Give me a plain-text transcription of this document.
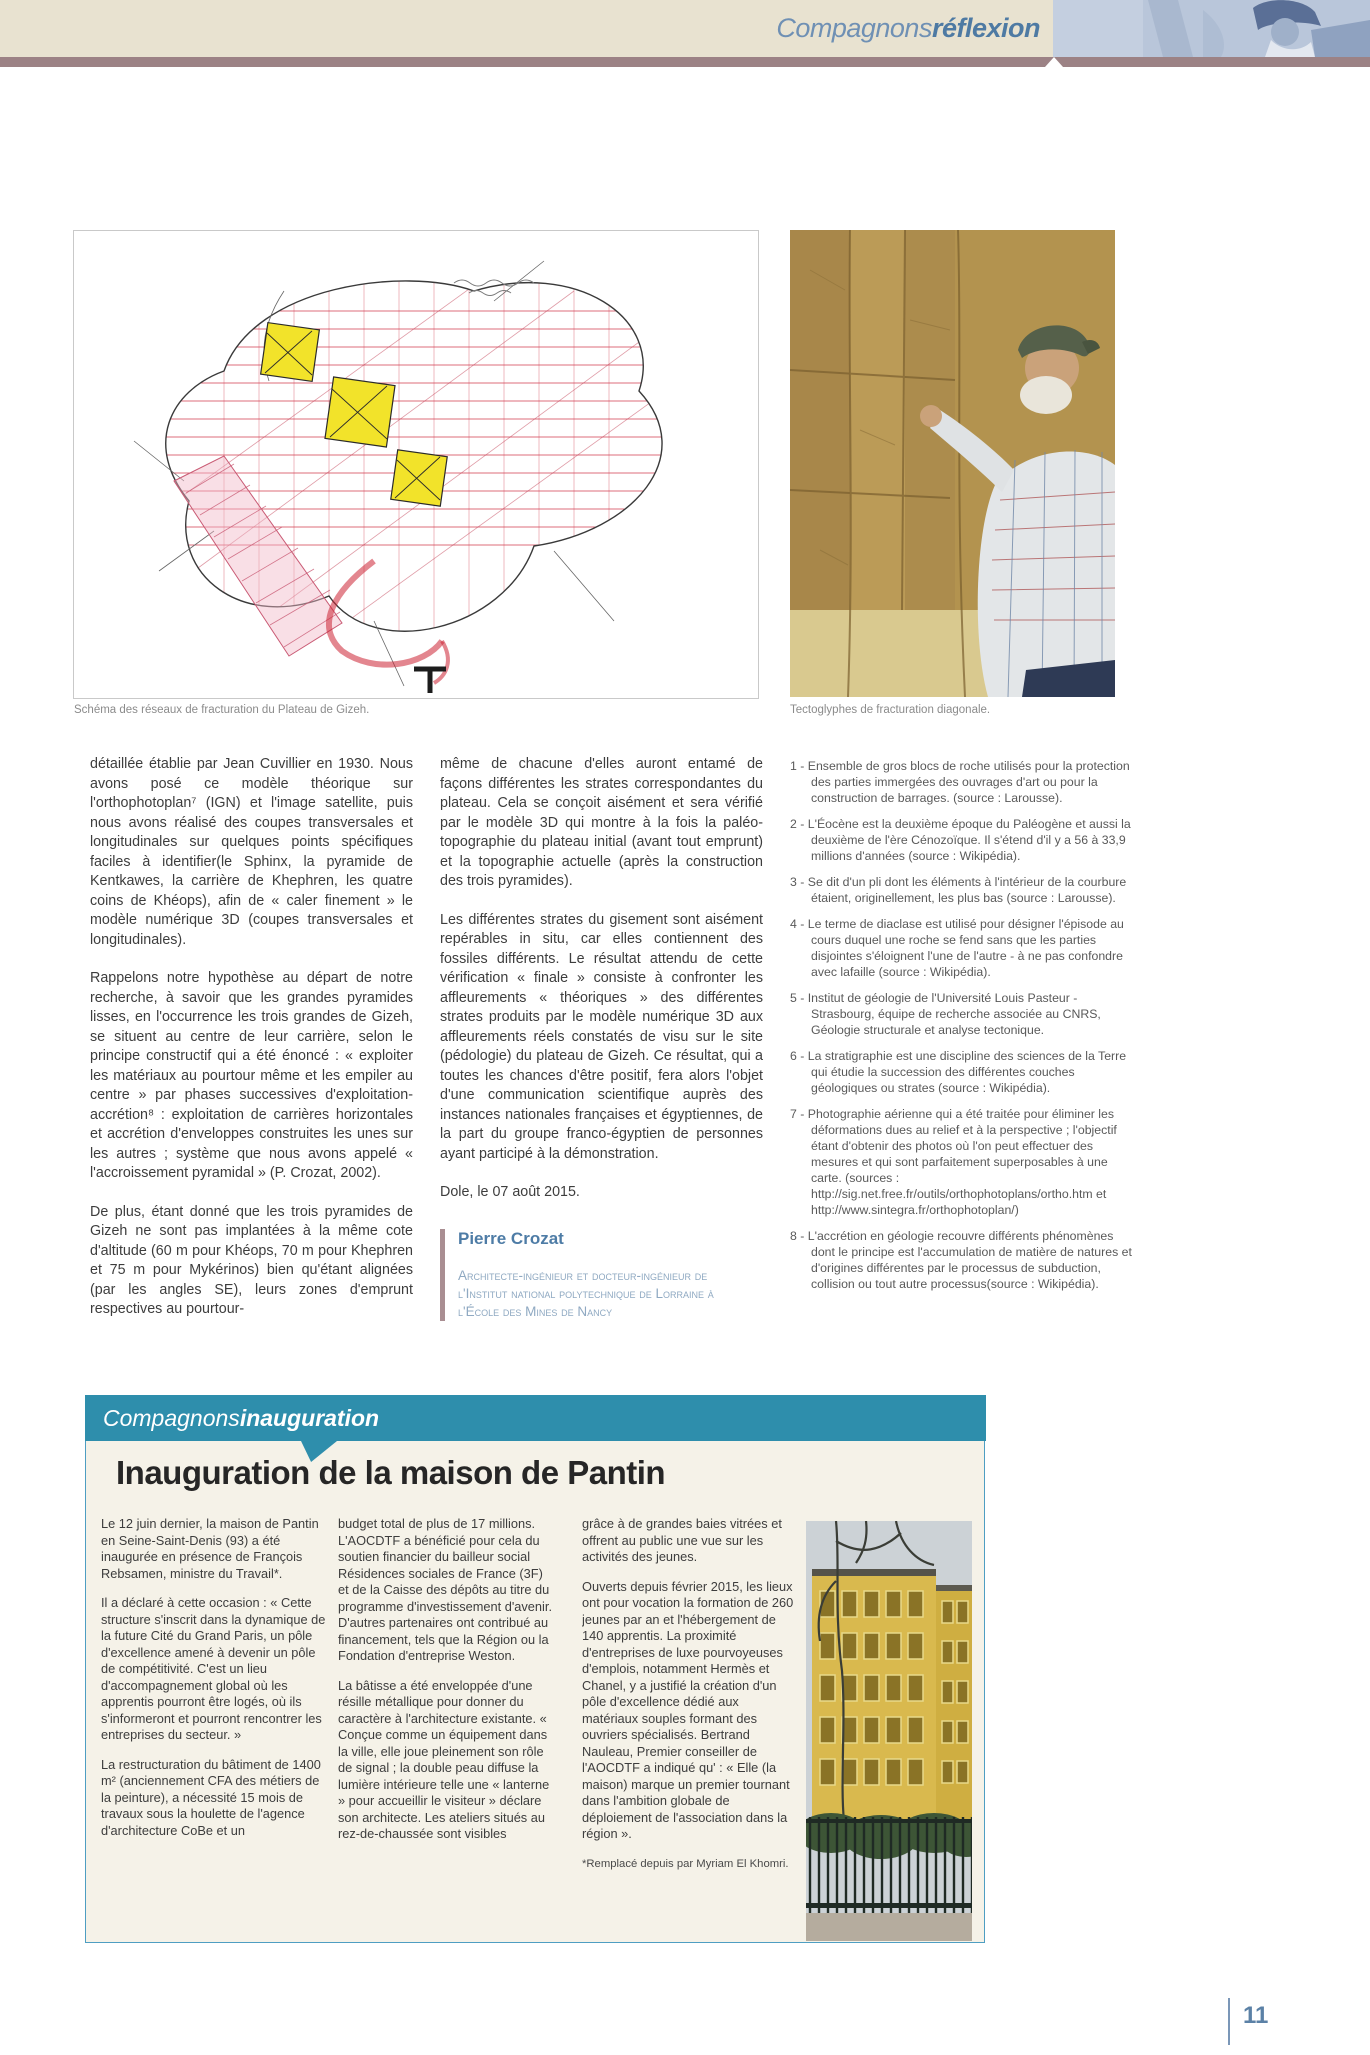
Compagnons réflexion
Schéma des réseaux de fracturation du Plateau de Gizeh.	Tectoglyphes de fracturation diagonale.

détaillée établie par Jean Cuvillier en 1930. Nous avons posé ce modèle théorique sur l'orthophotoplan⁷ (IGN) et l'image satellite, puis nous avons réalisé des coupes transversales et longitudinales sur quelques points spécifiques faciles à identifier(le Sphinx, la pyramide de Kentkawes, la carrière de Khephren, les quatre coins de Khéops), afin de « caler finement » le modèle numérique 3D (coupes transversales et longitudinales).

Rappelons notre hypothèse au départ de notre recherche, à savoir que les grandes pyramides lisses, en l'occurrence les trois grandes de Gizeh, se situent au centre de leur carrière, selon le principe constructif qui a été énoncé : « exploiter les matériaux au pourtour même et les empiler au centre » par phases successives d'exploitation-accrétion⁸ : exploitation de carrières horizontales et accrétion d'enveloppes construites les unes sur les autres ; système que nous avons appelé « l'accroissement pyramidal » (P. Crozat, 2002).

De plus, étant donné que les trois pyramides de Gizeh ne sont pas implantées à la même cote d'altitude (60 m pour Khéops, 70 m pour Khephren et 75 m pour Mykérinos) bien qu'étant alignées (par les angles SE), leurs zones d'emprunt respectives au pourtour-

même de chacune d'elles auront entamé de façons différentes les strates correspondantes du plateau. Cela se conçoit aisément et sera vérifié par le modèle 3D qui montre à la fois la paléo-topographie du plateau initial (avant tout emprunt) et la topographie actuelle (après la construction des trois pyramides).

Les différentes strates du gisement sont aisément repérables in situ, car elles contiennent des fossiles différents. Le résultat attendu de cette vérification « finale » consiste à confronter les affleurements « théoriques » des différentes strates produits par le modèle numérique 3D aux affleurements réels constatés de visu sur le site (pédologie) du plateau de Gizeh. Ce résultat, qui a toutes les chances d'être positif, fera alors l'objet d'une communication scientifique auprès des instances nationales françaises et égyptiennes, de la part du groupe franco-égyptien de personnes ayant participé à la démonstration.

Dole, le 07 août 2015.

Pierre Crozat

Architecte-ingénieur et docteur-ingénieur de l'Institut national polytechnique de Lorraine à l'École des Mines de Nancy

1 - Ensemble de gros blocs de roche utilisés pour la protection des parties immergées des ouvrages d'art ou pour la construction de barrages. (source : Larousse).

2 - L'Éocène est la deuxième époque du Paléogène et aussi la deuxième de l'ère Cénozoïque. Il s'étend d'il y a 56 à 33,9 millions d'années (source : Wikipédia).

3 - Se dit d'un pli dont les éléments à l'intérieur de la courbure étaient, originellement, les plus bas (source : Larousse).

4 - Le terme de diaclase est utilisé pour désigner l'épisode au cours duquel une roche se fend sans que les parties disjointes s'éloignent l'une de l'autre - à ne pas confondre avec lafaille (source : Wikipédia).

5 - Institut de géologie de l'Université Louis Pasteur - Strasbourg, équipe de recherche associée au CNRS, Géologie structurale et analyse tectonique.

6 - La stratigraphie est une discipline des sciences de la Terre qui étudie la succession des différentes couches géologiques ou strates (source : Wikipédia).

7 - Photographie aérienne qui a été traitée pour éliminer les déformations dues au relief et à la perspective ; l'objectif étant d'obtenir des photos où l'on peut effectuer des mesures et qui sont parfaitement superposables à une carte. (sources : http://sig.net.free.fr/outils/orthophotoplans/ortho.htm et http://www.sintegra.fr/orthophotoplan/)

8 - L'accrétion en géologie recouvre différents phénomènes dont le principe est l'accumulation de matière de natures et d'origines différentes par le processus de subduction, collision ou tout autre processus(source : Wikipédia).

Compagnons inauguration
Inauguration de la maison de Pantin

Le 12 juin dernier, la maison de Pantin en Seine-Saint-Denis (93) a été inaugurée en présence de François Rebsamen, ministre du Travail*.

Il a déclaré à cette occasion : « Cette structure s'inscrit dans la dynamique de la future Cité du Grand Paris, un pôle d'excellence amené à devenir un pôle de compétitivité. C'est un lieu d'accompagnement global où les apprentis pourront être logés, où ils s'informeront et pourront rencontrer les entreprises du secteur. »

La restructuration du bâtiment de 1400 m² (anciennement CFA des métiers de la peinture), a nécessité 15 mois de travaux sous la houlette de l'agence d'architecture CoBe et un

budget total de plus de 17 millions. L'AOCDTF a bénéficié pour cela du soutien financier du bailleur social Résidences sociales de France (3F) et de la Caisse des dépôts au titre du programme d'investissement d'avenir. D'autres partenaires ont contribué au financement, tels que la Région ou la Fondation d'entreprise Weston.

La bâtisse a été enveloppée d'une résille métallique pour donner du caractère à l'architecture existante. « Conçue comme un équipement dans la ville, elle joue pleinement son rôle de signal ; la double peau diffuse la lumière intérieure telle une « lanterne » pour accueillir le visiteur » déclare son architecte. Les ateliers situés au rez-de-chaussée sont visibles

grâce à de grandes baies vitrées et offrent au public une vue sur les activités des jeunes.

Ouverts depuis février 2015, les lieux ont pour vocation la formation de 260 jeunes par an et l'hébergement de 140 apprentis. La proximité d'entreprises de luxe pourvoyeuses d'emplois, notamment Hermès et Chanel, y a justifié la création d'un pôle d'excellence dédié aux matériaux souples formant des ouvriers spécialisés. Bertrand Nauleau, Premier conseiller de l'AOCDTF a indiqué qu' : « Elle (la maison) marque un premier tournant dans l'ambition globale de déploiement de l'association dans la région ».

*Remplacé depuis par Myriam El Khomri.
11
